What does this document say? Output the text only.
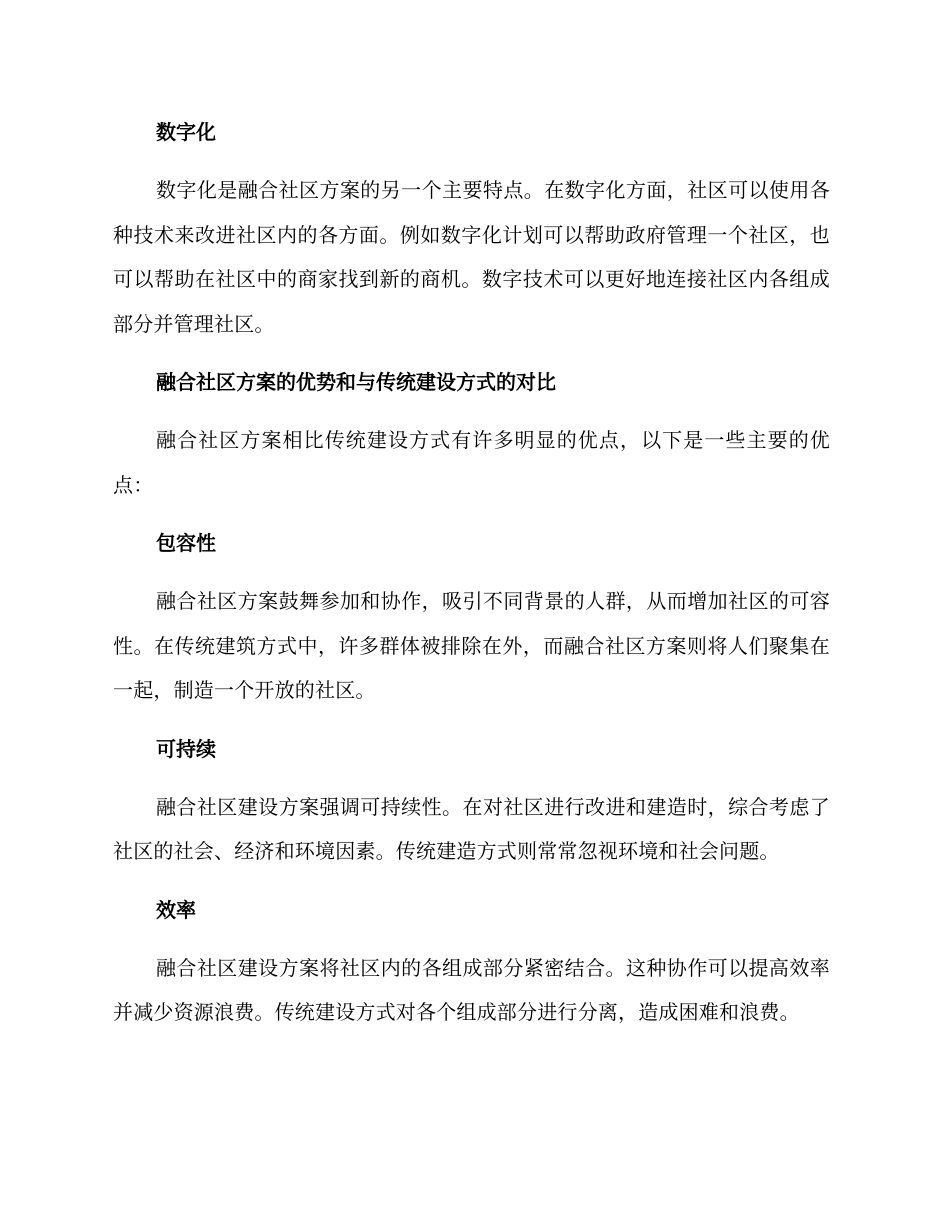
数字化

数字化是融合社区方案的另一个主要特点。在数字化方面，社区可以使用各种技术来改进社区内的各方面。例如数字化计划可以帮助政府管理一个社区，也可以帮助在社区中的商家找到新的商机。数字技术可以更好地连接社区内各组成部分并管理社区。

融合社区方案的优势和与传统建设方式的对比

融合社区方案相比传统建设方式有许多明显的优点，以下是一些主要的优点：

包容性

融合社区方案鼓舞参加和协作，吸引不同背景的人群，从而增加社区的可容性。在传统建筑方式中，许多群体被排除在外，而融合社区方案则将人们聚集在一起，制造一个开放的社区。

可持续

融合社区建设方案强调可持续性。在对社区进行改进和建造时，综合考虑了社区的社会、经济和环境因素。传统建造方式则常常忽视环境和社会问题。

效率

融合社区建设方案将社区内的各组成部分紧密结合。这种协作可以提高效率并减少资源浪费。传统建设方式对各个组成部分进行分离，造成困难和浪费。
